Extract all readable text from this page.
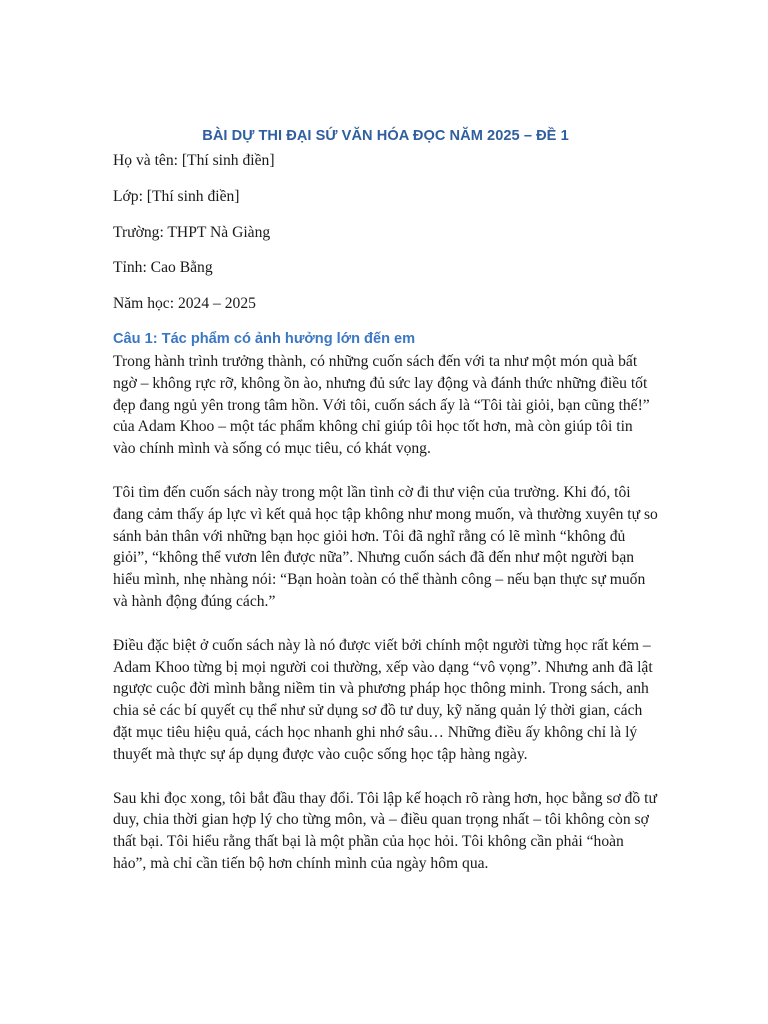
BÀI DỰ THI ĐẠI SỨ VĂN HÓA ĐỌC NĂM 2025 – ĐỀ 1
Họ và tên: [Thí sinh điền]
Lớp: [Thí sinh điền]
Trường: THPT Nà Giàng
Tỉnh: Cao Bằng
Năm học: 2024 – 2025
Câu 1: Tác phẩm có ảnh hưởng lớn đến em

Trong hành trình trưởng thành, có những cuốn sách đến với ta như một món quà bất ngờ – không rực rỡ, không ồn ào, nhưng đủ sức lay động và đánh thức những điều tốt đẹp đang ngủ yên trong tâm hồn. Với tôi, cuốn sách ấy là “Tôi tài giỏi, bạn cũng thế!” của Adam Khoo – một tác phẩm không chỉ giúp tôi học tốt hơn, mà còn giúp tôi tin vào chính mình và sống có mục tiêu, có khát vọng.

Tôi tìm đến cuốn sách này trong một lần tình cờ đi thư viện của trường. Khi đó, tôi đang cảm thấy áp lực vì kết quả học tập không như mong muốn, và thường xuyên tự so sánh bản thân với những bạn học giỏi hơn. Tôi đã nghĩ rằng có lẽ mình “không đủ giỏi”, “không thể vươn lên được nữa”. Nhưng cuốn sách đã đến như một người bạn hiểu mình, nhẹ nhàng nói: “Bạn hoàn toàn có thể thành công – nếu bạn thực sự muốn và hành động đúng cách.”

Điều đặc biệt ở cuốn sách này là nó được viết bởi chính một người từng học rất kém – Adam Khoo từng bị mọi người coi thường, xếp vào dạng “vô vọng”. Nhưng anh đã lật ngược cuộc đời mình bằng niềm tin và phương pháp học thông minh. Trong sách, anh chia sẻ các bí quyết cụ thể như sử dụng sơ đồ tư duy, kỹ năng quản lý thời gian, cách đặt mục tiêu hiệu quả, cách học nhanh ghi nhớ sâu… Những điều ấy không chỉ là lý thuyết mà thực sự áp dụng được vào cuộc sống học tập hàng ngày.

Sau khi đọc xong, tôi bắt đầu thay đổi. Tôi lập kế hoạch rõ ràng hơn, học bằng sơ đồ tư duy, chia thời gian hợp lý cho từng môn, và – điều quan trọng nhất – tôi không còn sợ thất bại. Tôi hiểu rằng thất bại là một phần của học hỏi. Tôi không cần phải “hoàn hảo”, mà chỉ cần tiến bộ hơn chính mình của ngày hôm qua.
